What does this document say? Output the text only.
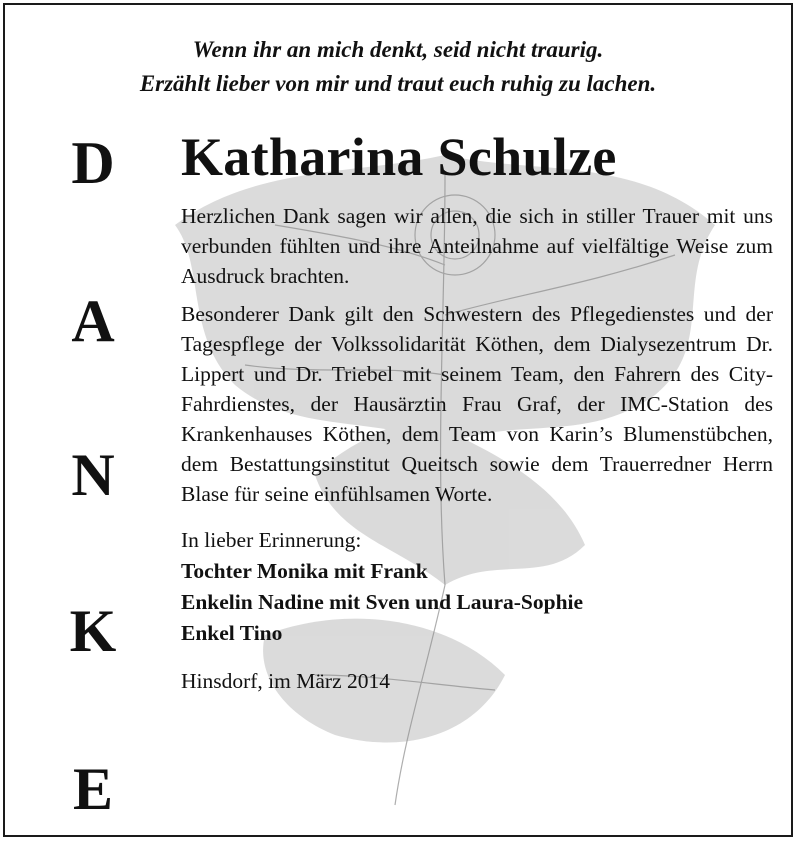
Wenn ihr an mich denkt, seid nicht traurig.
Erzählt lieber von mir und traut euch ruhig zu lachen.
D
A
N
K
E
Katharina Schulze

Herzlichen Dank sagen wir allen, die sich in stiller Trauer mit uns verbunden fühlten und ihre Anteilnahme auf vielfältige Weise zum Ausdruck brachten.

Besonderer Dank gilt den Schwestern des Pflegedienstes und der Tagespflege der Volkssolidarität Köthen, dem Dialysezentrum Dr. Lippert und Dr. Triebel mit seinem Team, den Fahrern des City-Fahrdienstes, der Hausärztin Frau Graf, der IMC-Station des Krankenhauses Köthen, dem Team von Karin’s Blumenstübchen, dem Bestattungsinstitut Queitsch sowie dem Trauerredner Herrn Blase für seine einfühlsamen Worte.

In lieber Erinnerung:
Tochter Monika mit Frank
Enkelin Nadine mit Sven und Laura-Sophie
Enkel Tino
Hinsdorf, im März 2014
